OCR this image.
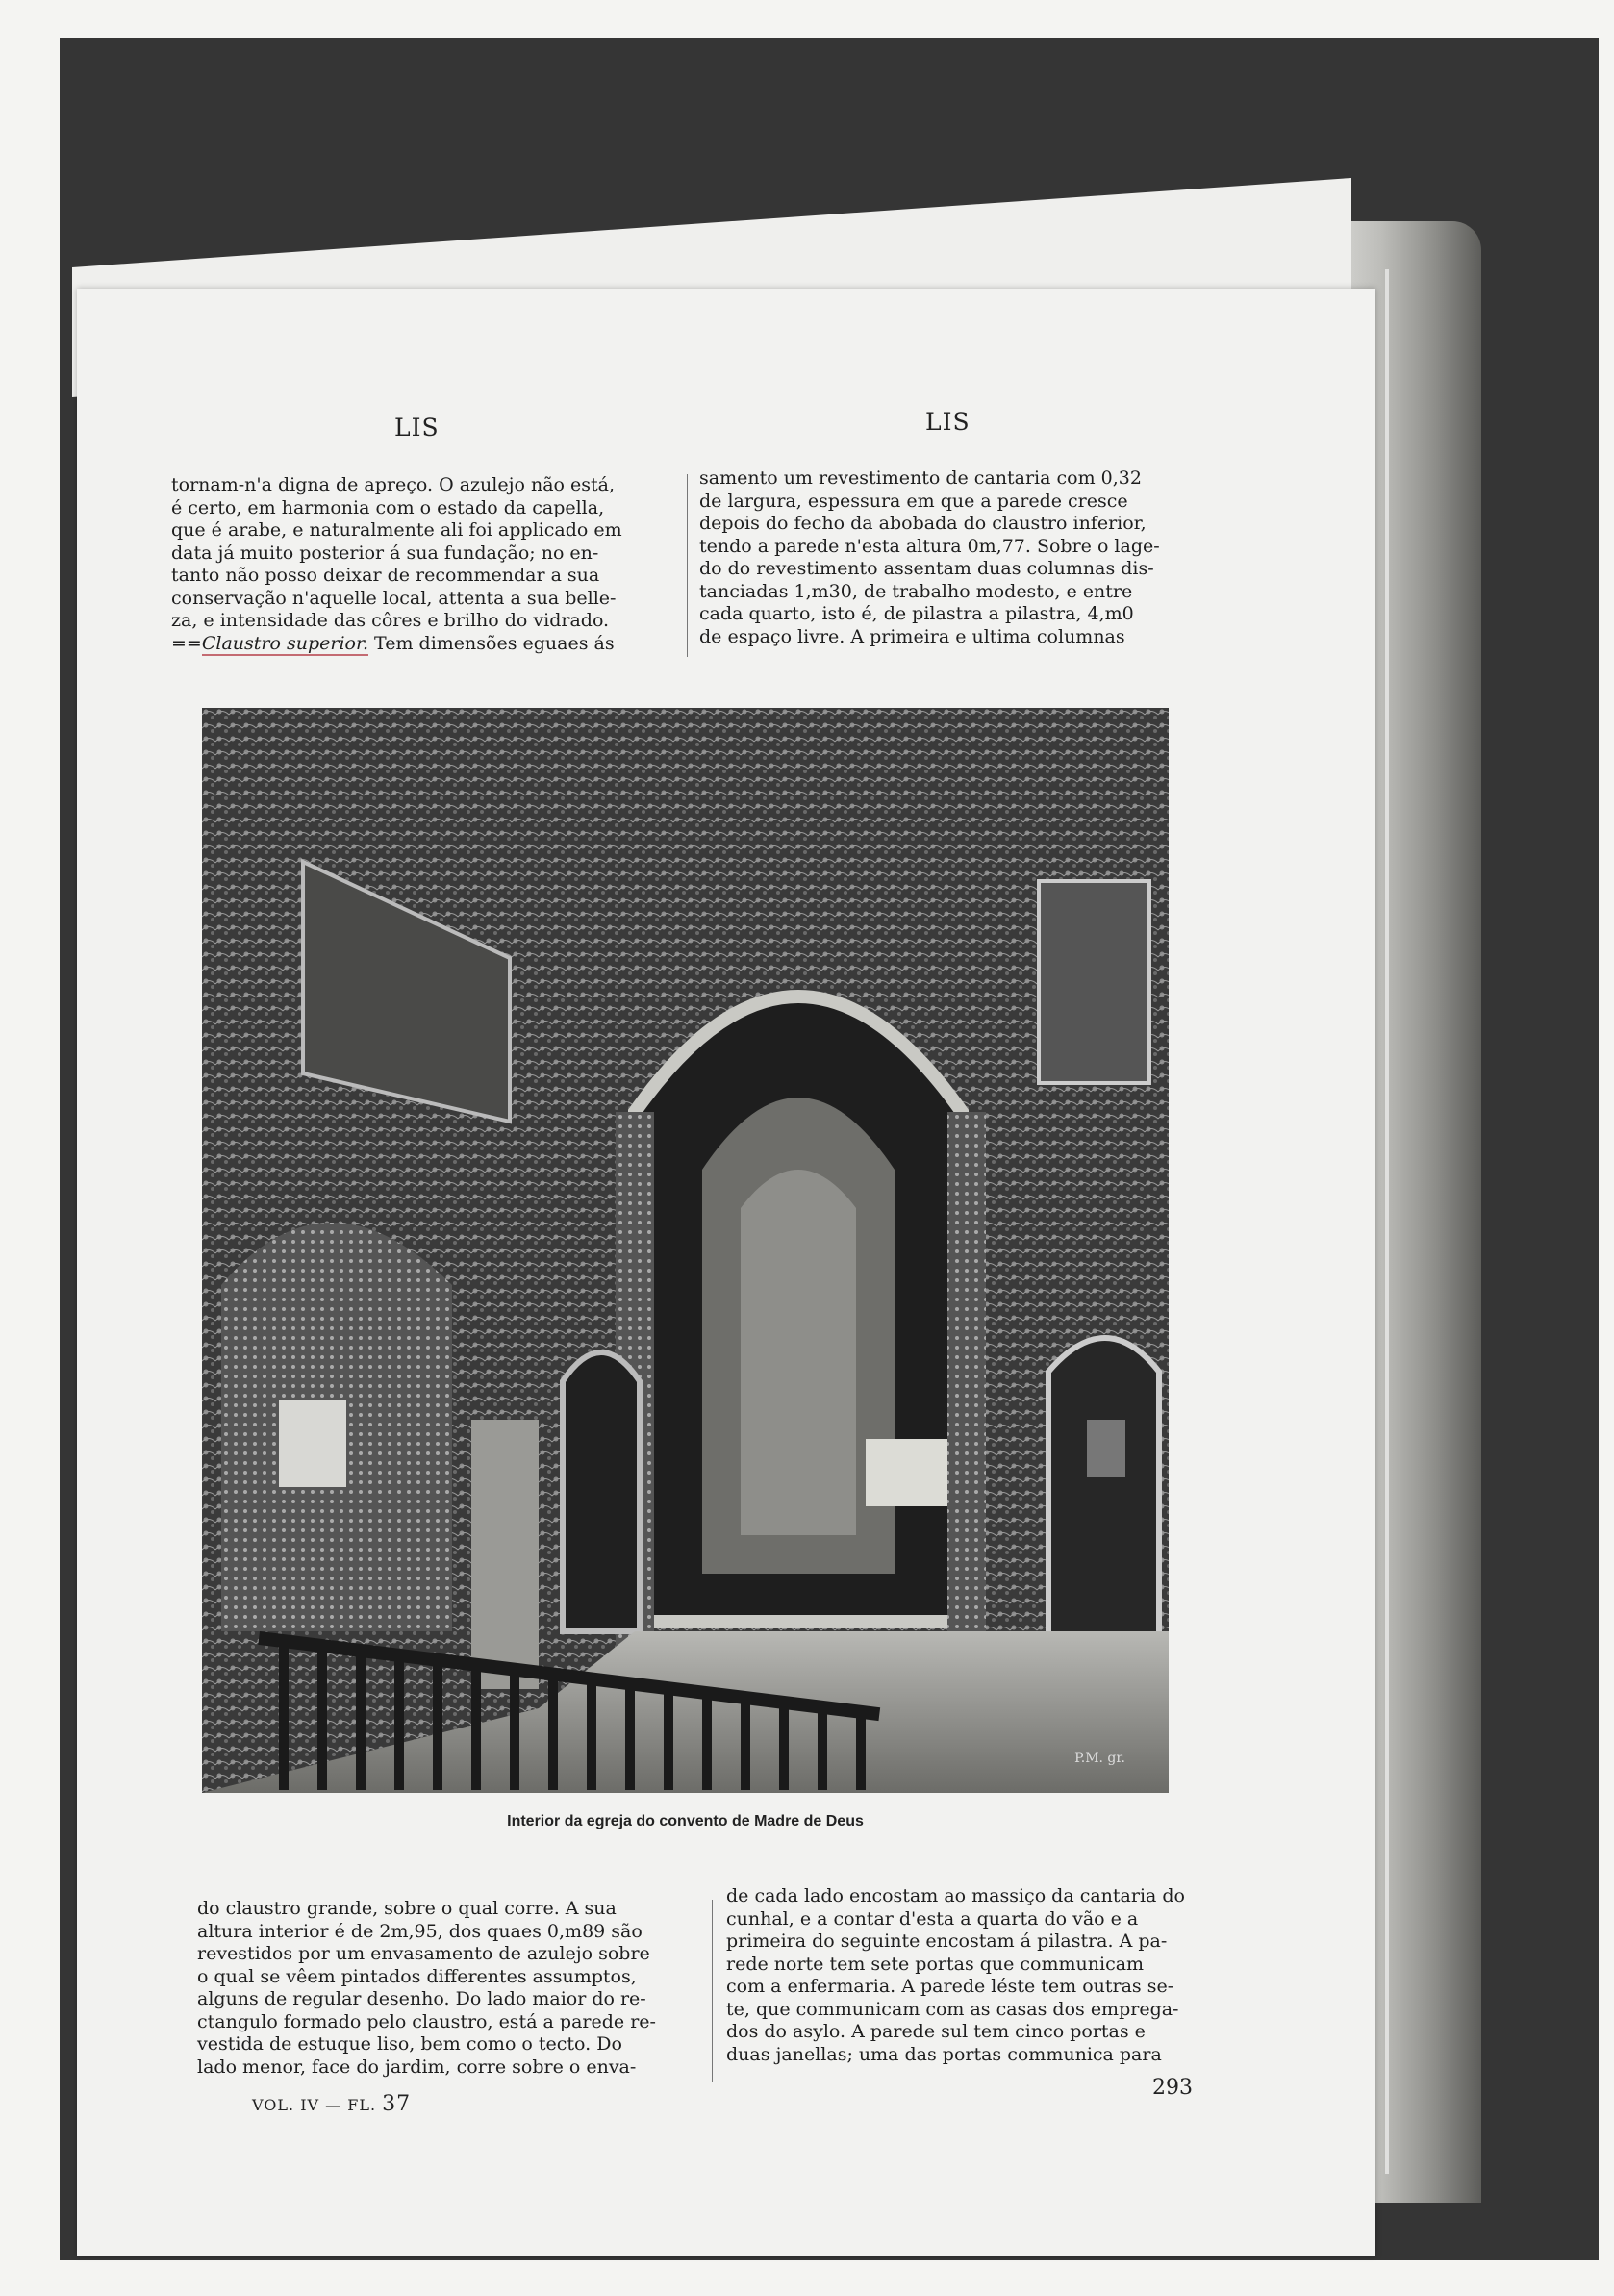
LIS	LIS

tornam-n'a digna de apreço. O azulejo não está,

é certo, em harmonia com o estado da capella,

que é arabe, e naturalmente ali foi applicado em

data já muito posterior á sua fundação; no en-

tanto não posso deixar de recommendar a sua

conservação n'aquelle local, attenta a sua belle-

za, e intensidade das côres e brilho do vidrado.

==Claustro superior. Tem dimensões eguaes ás

samento um revestimento de cantaria com 0,32

de largura, espessura em que a parede cresce

depois do fecho da abobada do claustro inferior,

tendo a parede n'esta altura 0m,77. Sobre o lage-

do do revestimento assentam duas columnas dis-

tanciadas 1,m30, de trabalho modesto, e entre

cada quarto, isto é, de pilastra a pilastra, 4,m0

de espaço livre. A primeira e ultima columnas

P.M. gr.
Interior da egreja do convento de Madre de Deus

do claustro grande, sobre o qual corre. A sua

altura interior é de 2m,95, dos quaes 0,m89 são

revestidos por um envasamento de azulejo sobre

o qual se vêem pintados differentes assumptos,

alguns de regular desenho. Do lado maior do re-

ctangulo formado pelo claustro, está a parede re-

vestida de estuque liso, bem como o tecto. Do

lado menor, face do jardim, corre sobre o enva-

de cada lado encostam ao massiço da cantaria do

cunhal, e a contar d'esta a quarta do vão e a

primeira do seguinte encostam á pilastra. A pa-

rede norte tem sete portas que communicam

com a enfermaria. A parede léste tem outras se-

te, que communicam com as casas dos emprega-

dos do asylo. A parede sul tem cinco portas e

duas janellas; uma das portas communica para

VOL. IV — FL. 37
293
